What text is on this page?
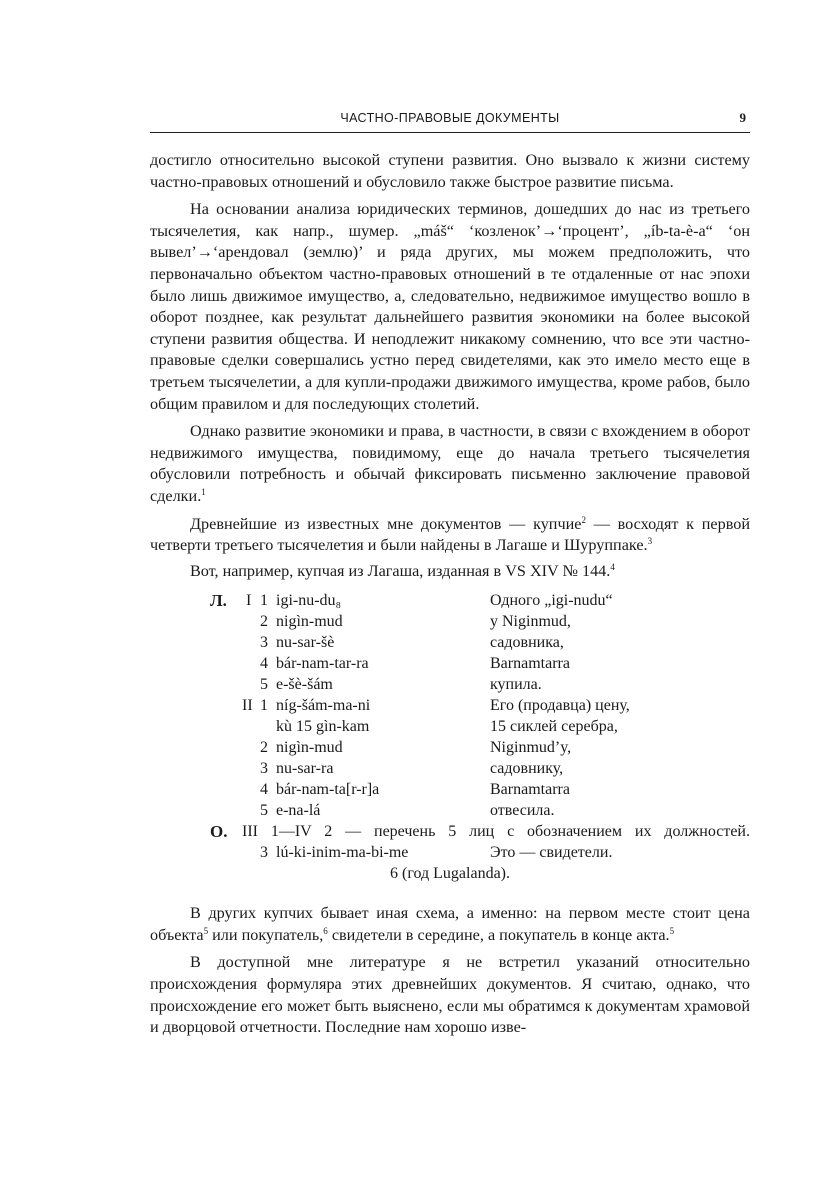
ЧАСТНО-ПРАВОВЫЕ ДОКУМЕНТЫ	9

достигло относительно высокой ступени развития. Оно вызвало к жизни систему частно-правовых отношений и обусловило также быстрое развитие письма.

На основании анализа юридических терминов, дошедших до нас из третьего тысячелетия, как напр., шумер. „máš“ ‘козленок’→‘процент’, „íb-ta-è-a“ ‘он вывел’→‘арендовал (землю)’ и ряда других, мы можем предположить, что первоначально объектом частно-правовых отношений в те отдаленные от нас эпохи было лишь движимое имущество, а, следовательно, недвижимое имущество вошло в оборот позднее, как результат дальнейшего развития экономики на более высокой ступени развития общества. И неподлежит никакому сомнению, что все эти частно-правовые сделки совершались устно перед свидетелями, как это имело место еще в третьем тысячелетии, а для купли-продажи движимого имущества, кроме рабов, было общим правилом и для последующих столетий.

Однако развитие экономики и права, в частности, в связи с вхождением в оборот недвижимого имущества, повидимому, еще до начала третьего тысячелетия обусловили потребность и обычай фиксировать письменно заключение правовой сделки.$^1$

Древнейшие из известных мне документов — купчие$^2$ — восходят к первой четверти третьего тысячелетия и были найдены в Лагаше и Шуруппаке.$^3$

Вот, например, купчая из Лагаша, изданная в VS XIV № 144.$^4$

Л. I 1 igi-nu-du₈	Одного „igi-nudu“
2 nigìn-mud	у Niginmud,
3 nu-sar-šè	садовника,
4 bár-nam-tar-ra	Barnamtarra
5 e-šè-šám	купила.
II 1 níg-šám-ma-ni	Его (продавца) цену,
kù 15 gìn-kam	15 сиклей серебра,
2 nigìn-mud	Niginmud’y,
3 nu-sar-ra	садовнику,
4 bár-nam-ta[r-r]a	Barnamtarra
5 e-na-lá	отвесила.
О. III 1—IV 2 — перечень 5 лиц с обозначением их должностей.
3 lú-ki-inim-ma-bi-me	Это — свидетели.
6 (год Lugalanda).

В других купчих бывает иная схема, а именно: на первом месте стоит цена объекта$^5$ или покупатель,$^6$ свидетели в середине, а покупатель в конце акта.$^5$

В доступной мне литературе я не встретил указаний относительно происхождения формуляра этих древнейших документов. Я считаю, однако, что происхождение его может быть выяснено, если мы обратимся к документам храмовой и дворцовой отчетности. Последние нам хорошо изве-
